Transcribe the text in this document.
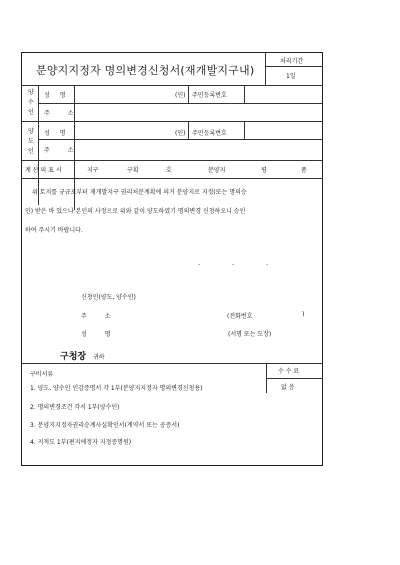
분양지지정자 명의변경신청서(재개발지구내)
처리기간
1일
양
수
인
성 명	(인) 주민등록번호
주 소
양
도
인
성 명	(인) 주민등록번호
주 소
계 산 의 표 시	지구	구획	호	분양지	평	품
위 토지를 규규로부터 재개발지구 권리처분계획에 의거 분양지로 지정(또는 명의승
인) 받은 바 있으나 본인의 사정으로 위와 같이 양도하였기 명의변경 신청하오니 승인
하여 주시기 바랍니다.
.	.	.
신청인(양도, 양수인)
주 소	(전화번호	)
성 명	(서명 또는 도장)
구청장 귀하
수 수 료
없 음
구비서류
1. 양도, 양수인 인감증명서 각 1부(분양지지정자 명의변경신청용)
2. 명의변경조건 각서 1부(양수인)
3. 분양지지정자권리승계사실확인서(계약서 또는 공증서)
4. 지적도 1부(편지에정자 지정증명원)
